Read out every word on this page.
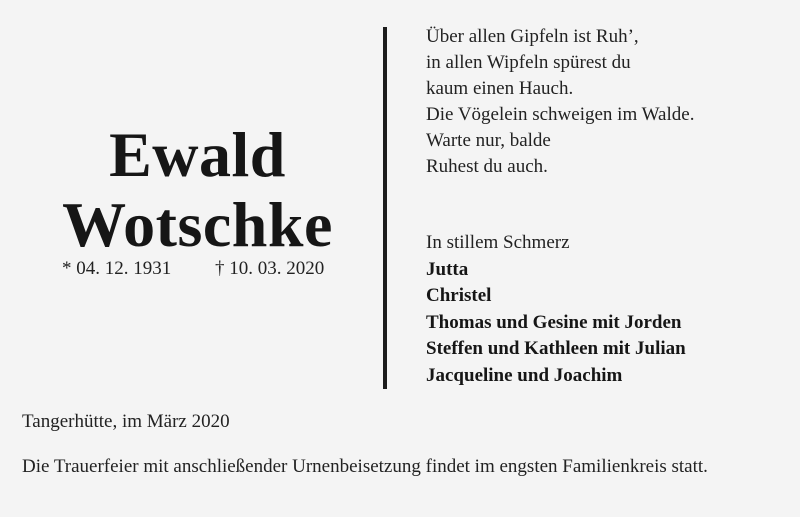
Ewald
Wotschke
* 04. 12. 1931 † 10. 03. 2020
Über allen Gipfeln ist Ruh’,
in allen Wipfeln spürest du
kaum einen Hauch.
Die Vögelein schweigen im Walde.
Warte nur, balde
Ruhest du auch.
In stillem Schmerz
Jutta
Christel
Thomas und Gesine mit Jorden
Steffen und Kathleen mit Julian
Jacqueline und Joachim
Tangerhütte, im März 2020
Die Trauerfeier mit anschließender Urnenbeisetzung findet im engsten Familienkreis statt.
